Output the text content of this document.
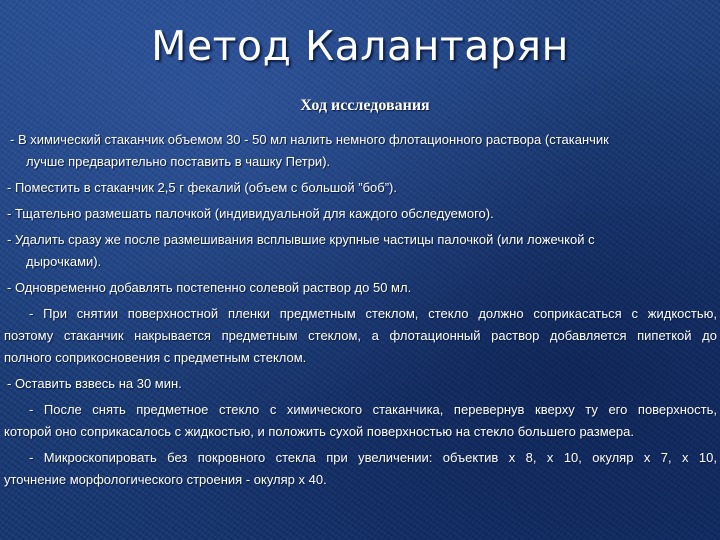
Метод Калантарян
Ход исследования
- В химический стаканчик объемом 30 - 50 мл налить немного флотационного раствора (стаканчик
лучше предварительно поставить в чашку Петри).
- Поместить в стаканчик 2,5 г фекалий (объем с большой ”боб”).
- Тщательно размешать палочкой (индивидуальной для каждого обследуемого).
- Удалить сразу же после размешивания всплывшие крупные частицы палочкой (или ложечкой с
дырочками).
- Одновременно добавлять постепенно солевой раствор до 50 мл.
- При снятии поверхностной пленки предметным стеклом, стекло должно соприкасаться с жидкостью,
поэтому стаканчик накрывается предметным стеклом, а флотационный раствор добавляется пипеткой до
полного соприкосновения с предметным стеклом.
- Оставить взвесь на 30 мин.
- После снять предметное стекло с химического стаканчика, перевернув кверху ту его поверхность,
которой оно соприкасалось с жидкостью, и положить сухой поверхностью на стекло большего размера.
- Микроскопировать без покровного стекла при увеличении: объектив х 8, х 10, окуляр х 7, х 10,
уточнение морфологического строения - окуляр х 40.
